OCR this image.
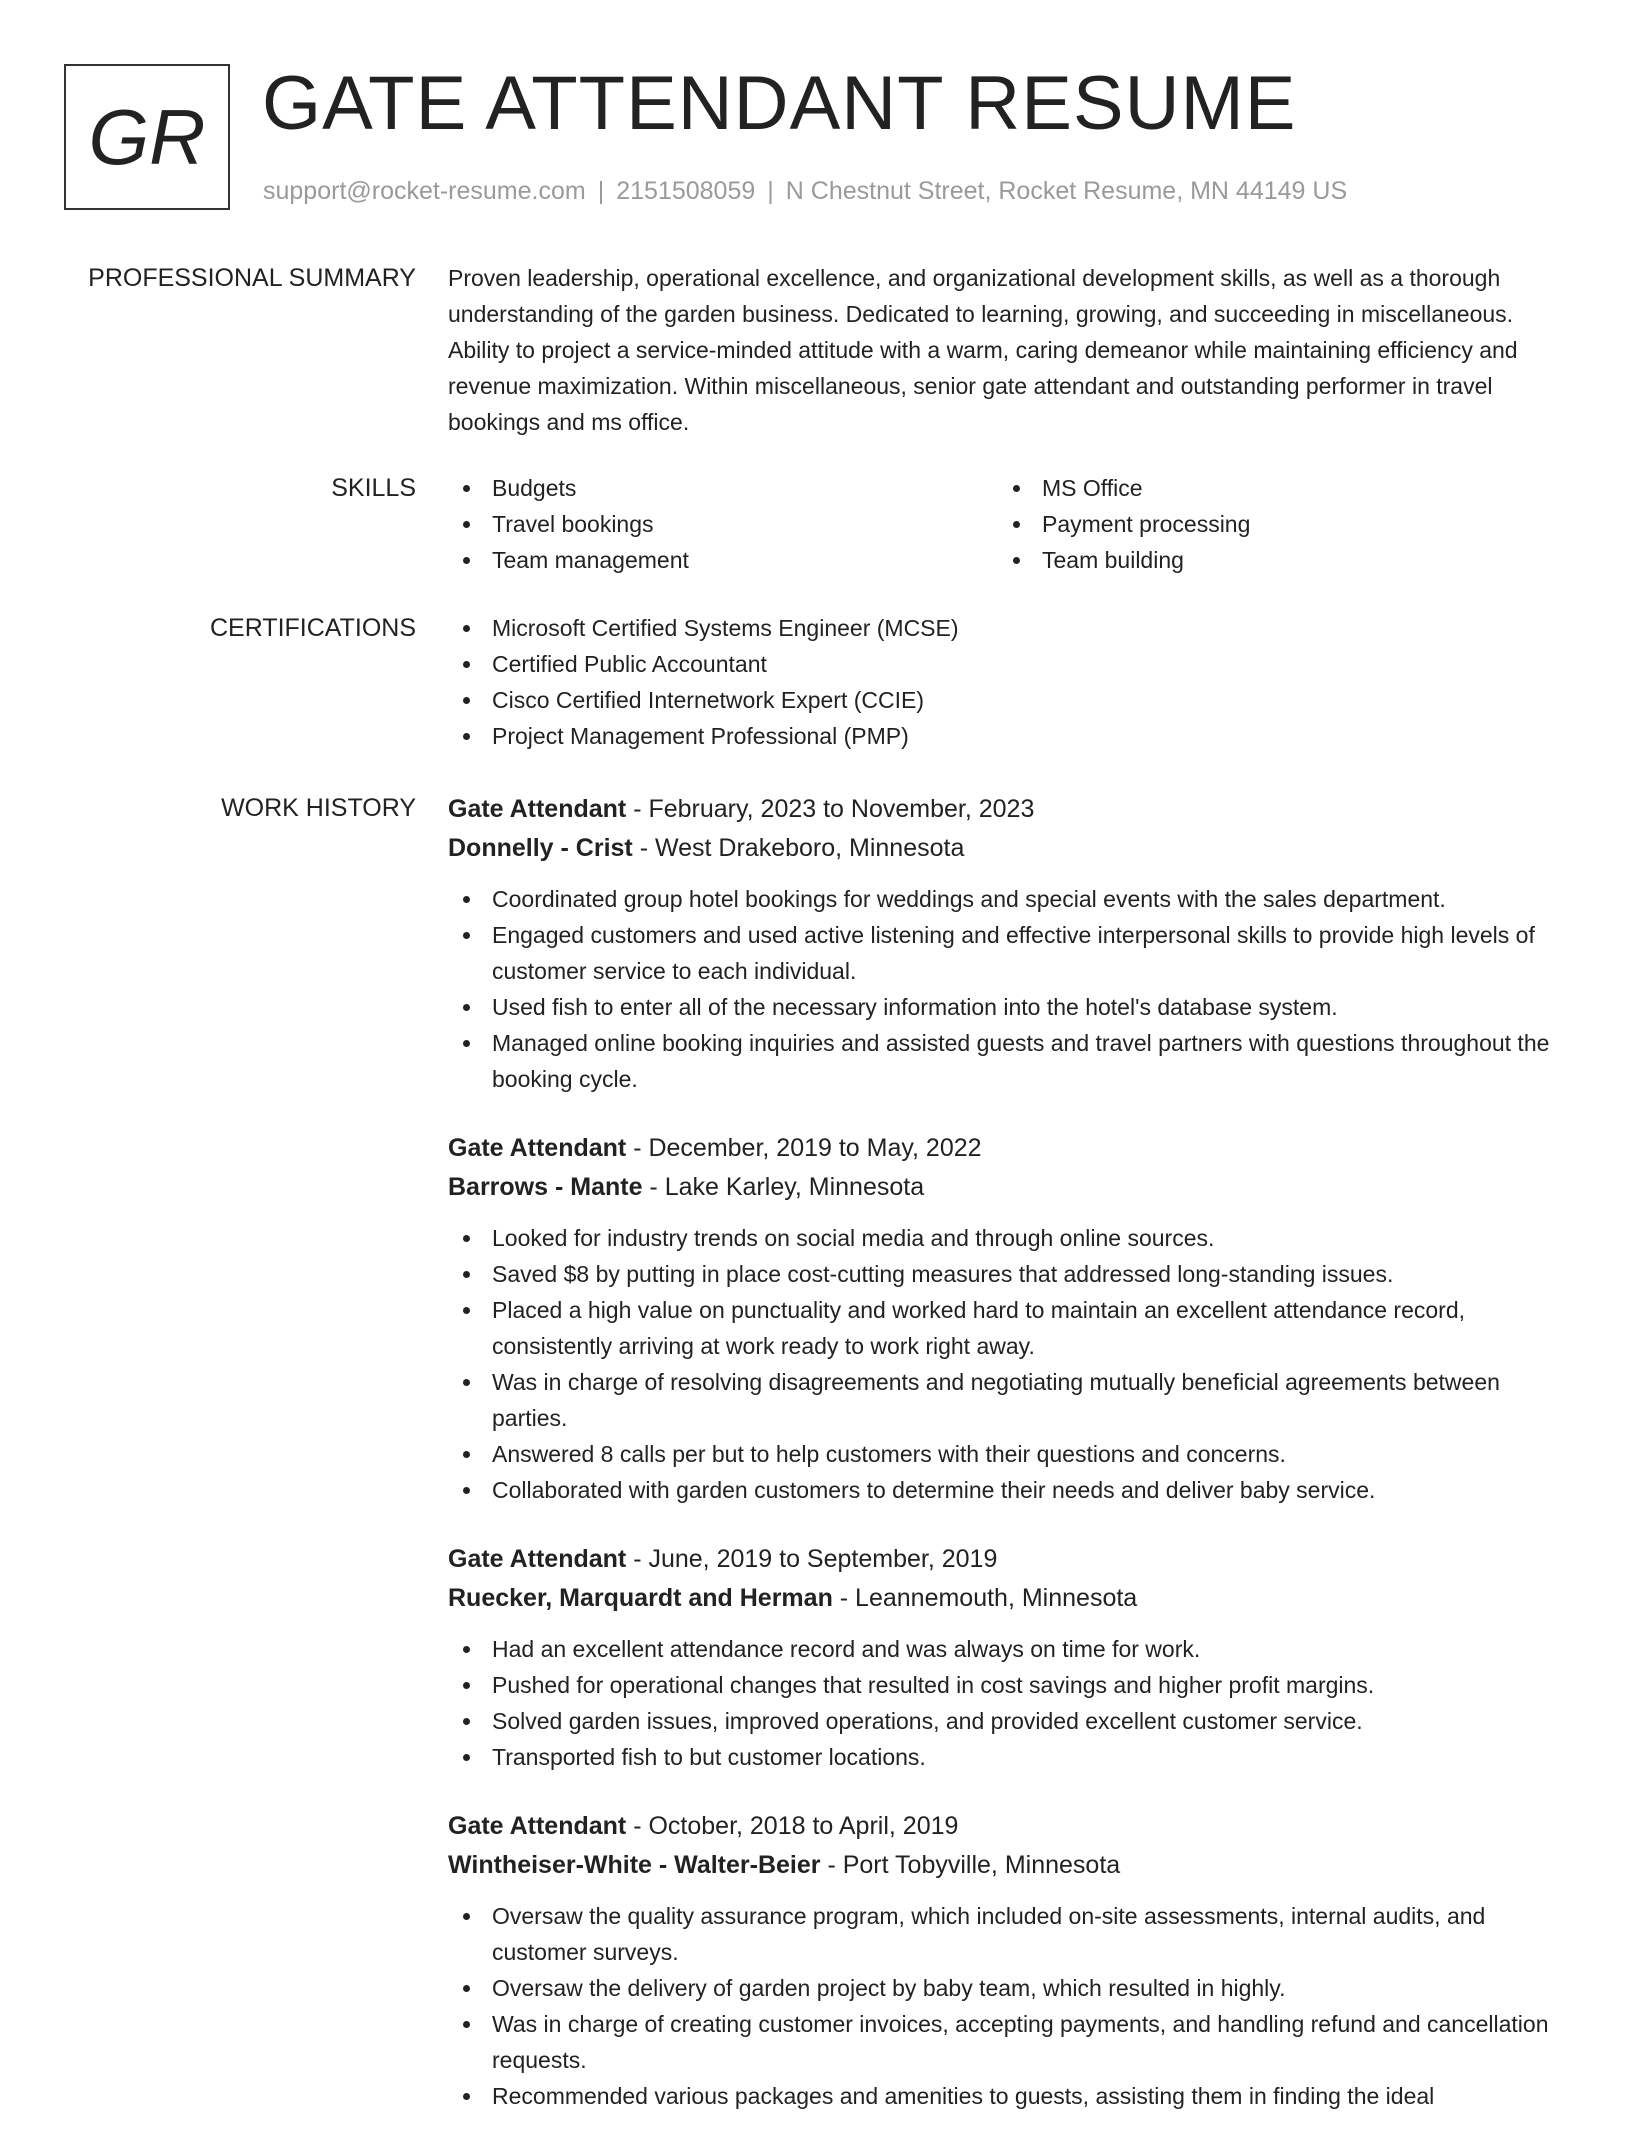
GR GATE ATTENDANT RESUME
support@rocket-resume.com | 2151508059 | N Chestnut Street, Rocket Resume, MN 44149 US
PROFESSIONAL SUMMARY Proven leadership, operational excellence, and organizational development skills, as well as a thorough understanding of the garden business. Dedicated to learning, growing, and succeeding in miscellaneous. Ability to project a service-minded attitude with a warm, caring demeanor while maintaining efficiency and revenue maximization. Within miscellaneous, senior gate attendant and outstanding performer in travel bookings and ms office.
SKILLS	Budgets	MS Office
Travel bookings	Payment processing
Team management	Team building
CERTIFICATIONS	Microsoft Certified Systems Engineer (MCSE)
Certified Public Accountant
Cisco Certified Internetwork Expert (CCIE)
Project Management Professional (PMP)
WORK HISTORY Gate Attendant - February, 2023 to November, 2023
Donnelly - Crist - West Drakeboro, Minnesota
Coordinated group hotel bookings for weddings and special events with the sales department.
Engaged customers and used active listening and effective interpersonal skills to provide high levels of customer service to each individual.
Used fish to enter all of the necessary information into the hotel's database system.
Managed online booking inquiries and assisted guests and travel partners with questions throughout the booking cycle.
Gate Attendant - December, 2019 to May, 2022
Barrows - Mante - Lake Karley, Minnesota
Looked for industry trends on social media and through online sources.
Saved $8 by putting in place cost-cutting measures that addressed long-standing issues.
Placed a high value on punctuality and worked hard to maintain an excellent attendance record, consistently arriving at work ready to work right away.
Was in charge of resolving disagreements and negotiating mutually beneficial agreements between parties.
Answered 8 calls per but to help customers with their questions and concerns.
Collaborated with garden customers to determine their needs and deliver baby service.
Gate Attendant - June, 2019 to September, 2019
Ruecker, Marquardt and Herman - Leannemouth, Minnesota
Had an excellent attendance record and was always on time for work.
Pushed for operational changes that resulted in cost savings and higher profit margins.
Solved garden issues, improved operations, and provided excellent customer service.
Transported fish to but customer locations.
Gate Attendant - October, 2018 to April, 2019
Wintheiser-White - Walter-Beier - Port Tobyville, Minnesota
Oversaw the quality assurance program, which included on-site assessments, internal audits, and customer surveys.
Oversaw the delivery of garden project by baby team, which resulted in highly.
Was in charge of creating customer invoices, accepting payments, and handling refund and cancellation requests.
Recommended various packages and amenities to guests, assisting them in finding the ideal
